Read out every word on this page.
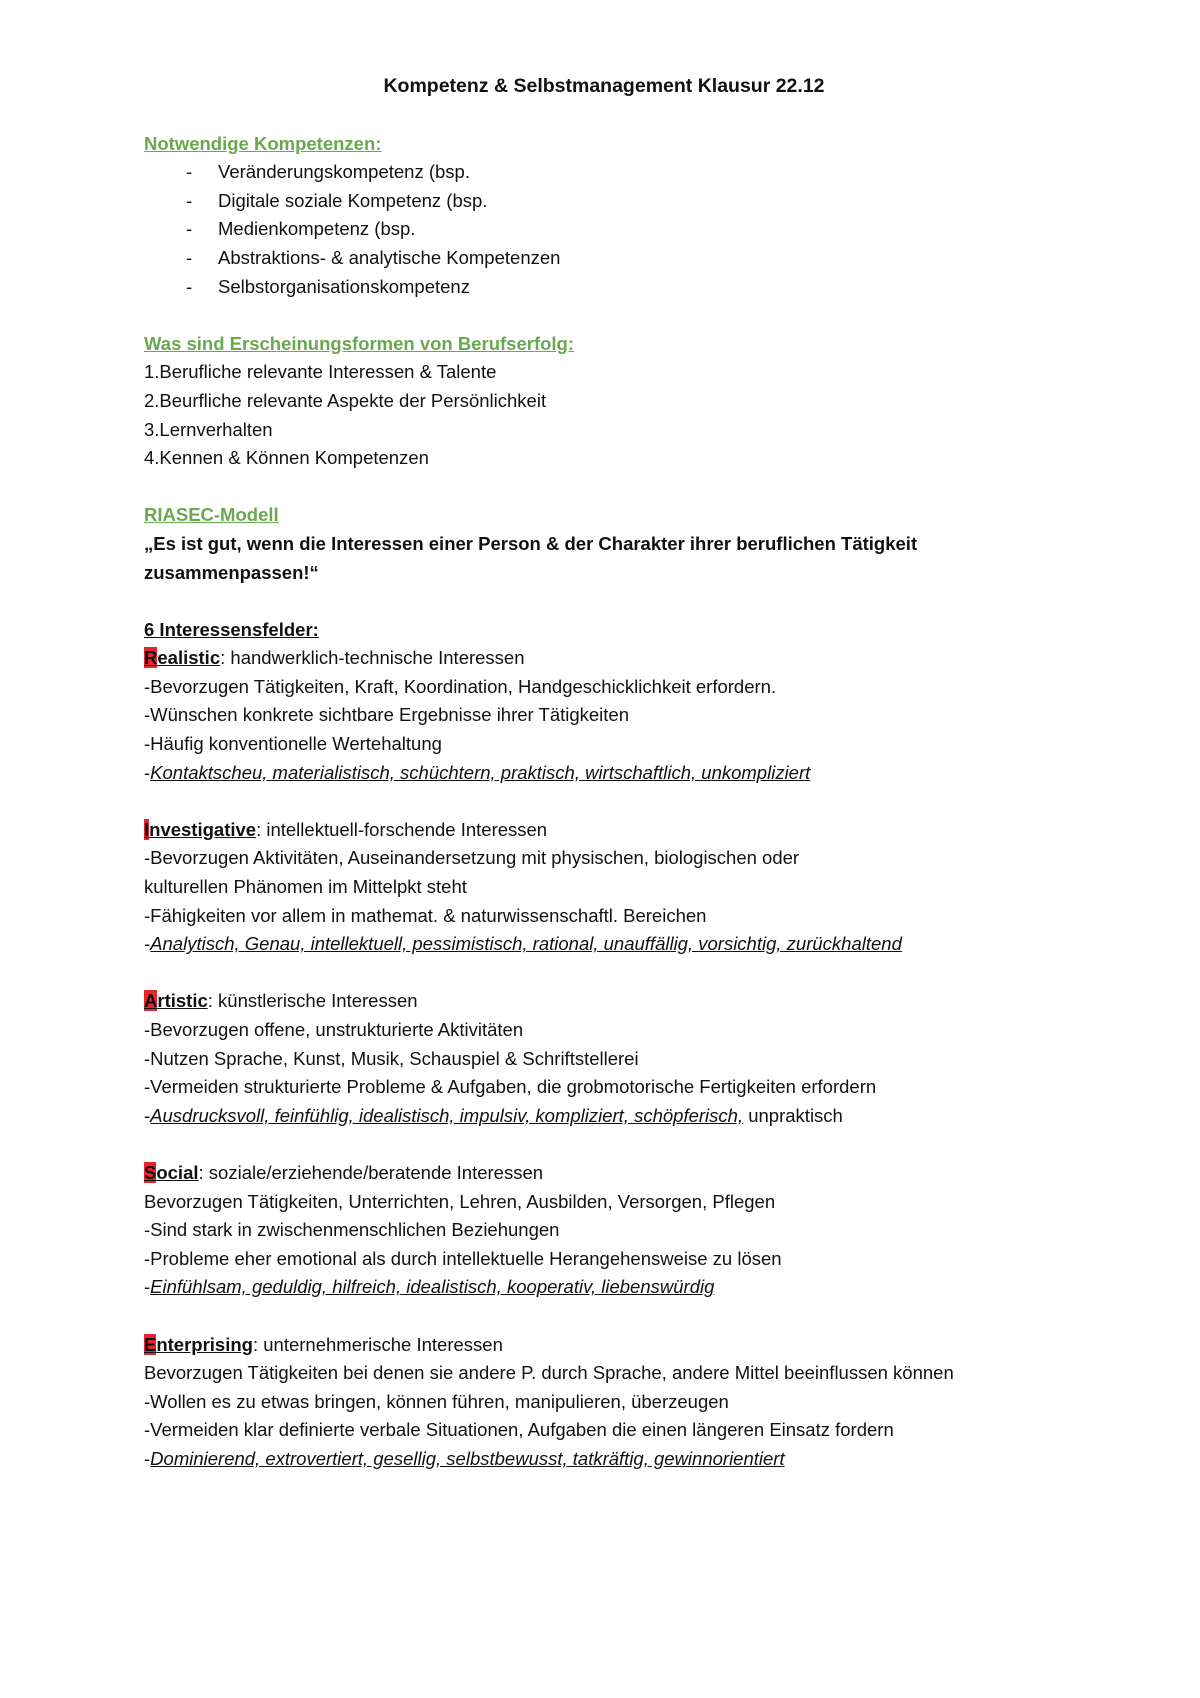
Kompetenz & Selbstmanagement Klausur 22.12
Notwendige Kompetenzen:
- Veränderungskompetenz (bsp.
- Digitale soziale Kompetenz (bsp.
- Medienkompetenz (bsp.
- Abstraktions- & analytische Kompetenzen
- Selbstorganisationskompetenz
Was sind Erscheinungsformen von Berufserfolg:
1.Berufliche relevante Interessen & Talente
2.Beurfliche relevante Aspekte der Persönlichkeit
3.Lernverhalten
4.Kennen & Können Kompetenzen
RIASEC-Modell
„Es ist gut, wenn die Interessen einer Person & der Charakter ihrer beruflichen Tätigkeit zusammenpassen!“
6 Interessensfelder:
Realistic: handwerklich-technische Interessen
-Bevorzugen Tätigkeiten, Kraft, Koordination, Handgeschicklichkeit erfordern.
-Wünschen konkrete sichtbare Ergebnisse ihrer Tätigkeiten
-Häufig konventionelle Wertehaltung
-Kontaktscheu, materialistisch, schüchtern, praktisch, wirtschaftlich, unkompliziert
Investigative: intellektuell-forschende Interessen
-Bevorzugen Aktivitäten, Auseinandersetzung mit physischen, biologischen oder kulturellen Phänomen im Mittelpkt steht
-Fähigkeiten vor allem in mathemat. & naturwissenschaftl. Bereichen
-Analytisch, Genau, intellektuell, pessimistisch, rational, unauffällig, vorsichtig, zurückhaltend
Artistic: künstlerische Interessen
-Bevorzugen offene, unstrukturierte Aktivitäten
-Nutzen Sprache, Kunst, Musik, Schauspiel & Schriftstellerei
-Vermeiden strukturierte Probleme & Aufgaben, die grobmotorische Fertigkeiten erfordern
-Ausdrucksvoll, feinfühlig, idealistisch, impulsiv, kompliziert, schöpferisch, unpraktisch
Social: soziale/erziehende/beratende Interessen
Bevorzugen Tätigkeiten, Unterrichten, Lehren, Ausbilden, Versorgen, Pflegen
-Sind stark in zwischenmenschlichen Beziehungen
-Probleme eher emotional als durch intellektuelle Herangehensweise zu lösen
-Einfühlsam, geduldig, hilfreich, idealistisch, kooperativ, liebenswürdig
Enterprising: unternehmerische Interessen
Bevorzugen Tätigkeiten bei denen sie andere P. durch Sprache, andere Mittel beeinflussen können
-Wollen es zu etwas bringen, können führen, manipulieren, überzeugen
-Vermeiden klar definierte verbale Situationen, Aufgaben die einen längeren Einsatz fordern
-Dominierend, extrovertiert, gesellig, selbstbewusst, tatkräftig, gewinnorientiert
